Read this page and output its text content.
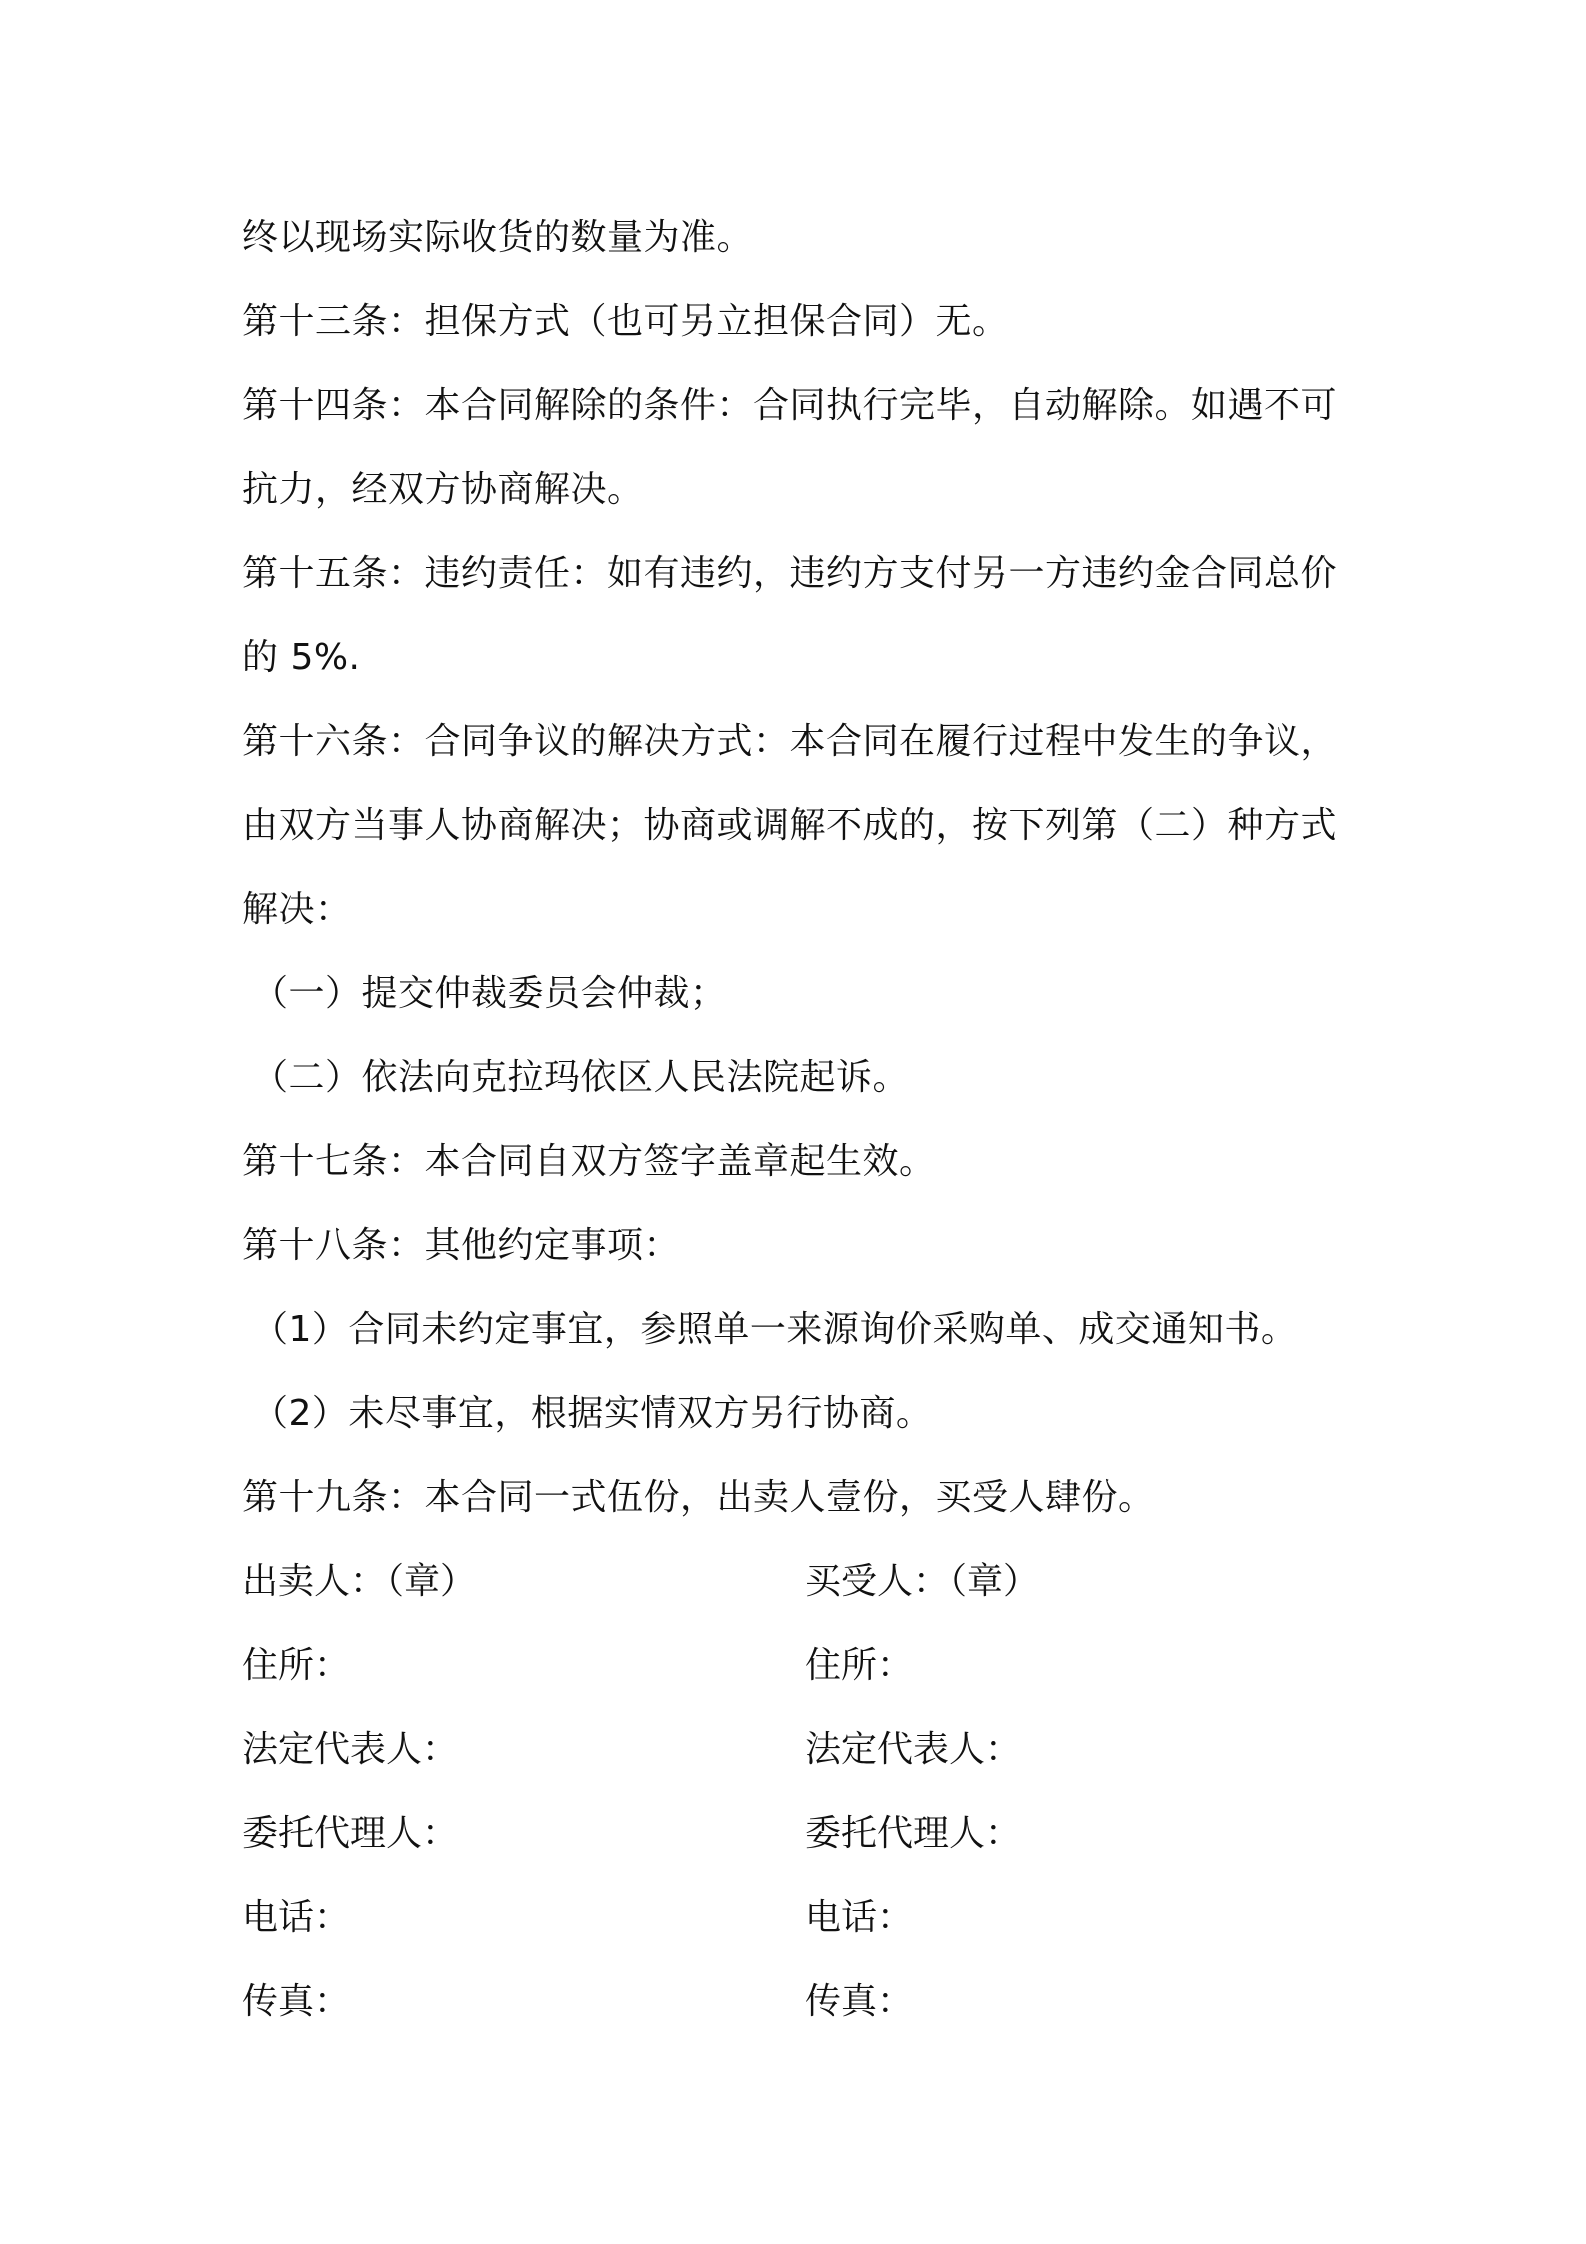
终以现场实际收货的数量为准。
第十三条：担保方式（也可另立担保合同）无。
第十四条：本合同解除的条件：合同执行完毕，自动解除。如遇不可
抗力，经双方协商解决。
第十五条：违约责任：如有违约，违约方支付另一方违约金合同总价
的 5%.
第十六条：合同争议的解决方式：本合同在履行过程中发生的争议，
由双方当事人协商解决；协商或调解不成的，按下列第（二）种方式
解决：
（一）提交仲裁委员会仲裁；
（二）依法向克拉玛依区人民法院起诉。
第十七条：本合同自双方签字盖章起生效。
第十八条：其他约定事项：
（1）合同未约定事宜，参照单一来源询价采购单、成交通知书。
（2）未尽事宜，根据实情双方另行协商。
第十九条：本合同一式伍份，出卖人壹份，买受人肆份。
出卖人：（章）	买受人：（章）
住所：	住所：
法定代表人：	法定代表人：
委托代理人：	委托代理人：
电话：	电话：
传真：	传真：
